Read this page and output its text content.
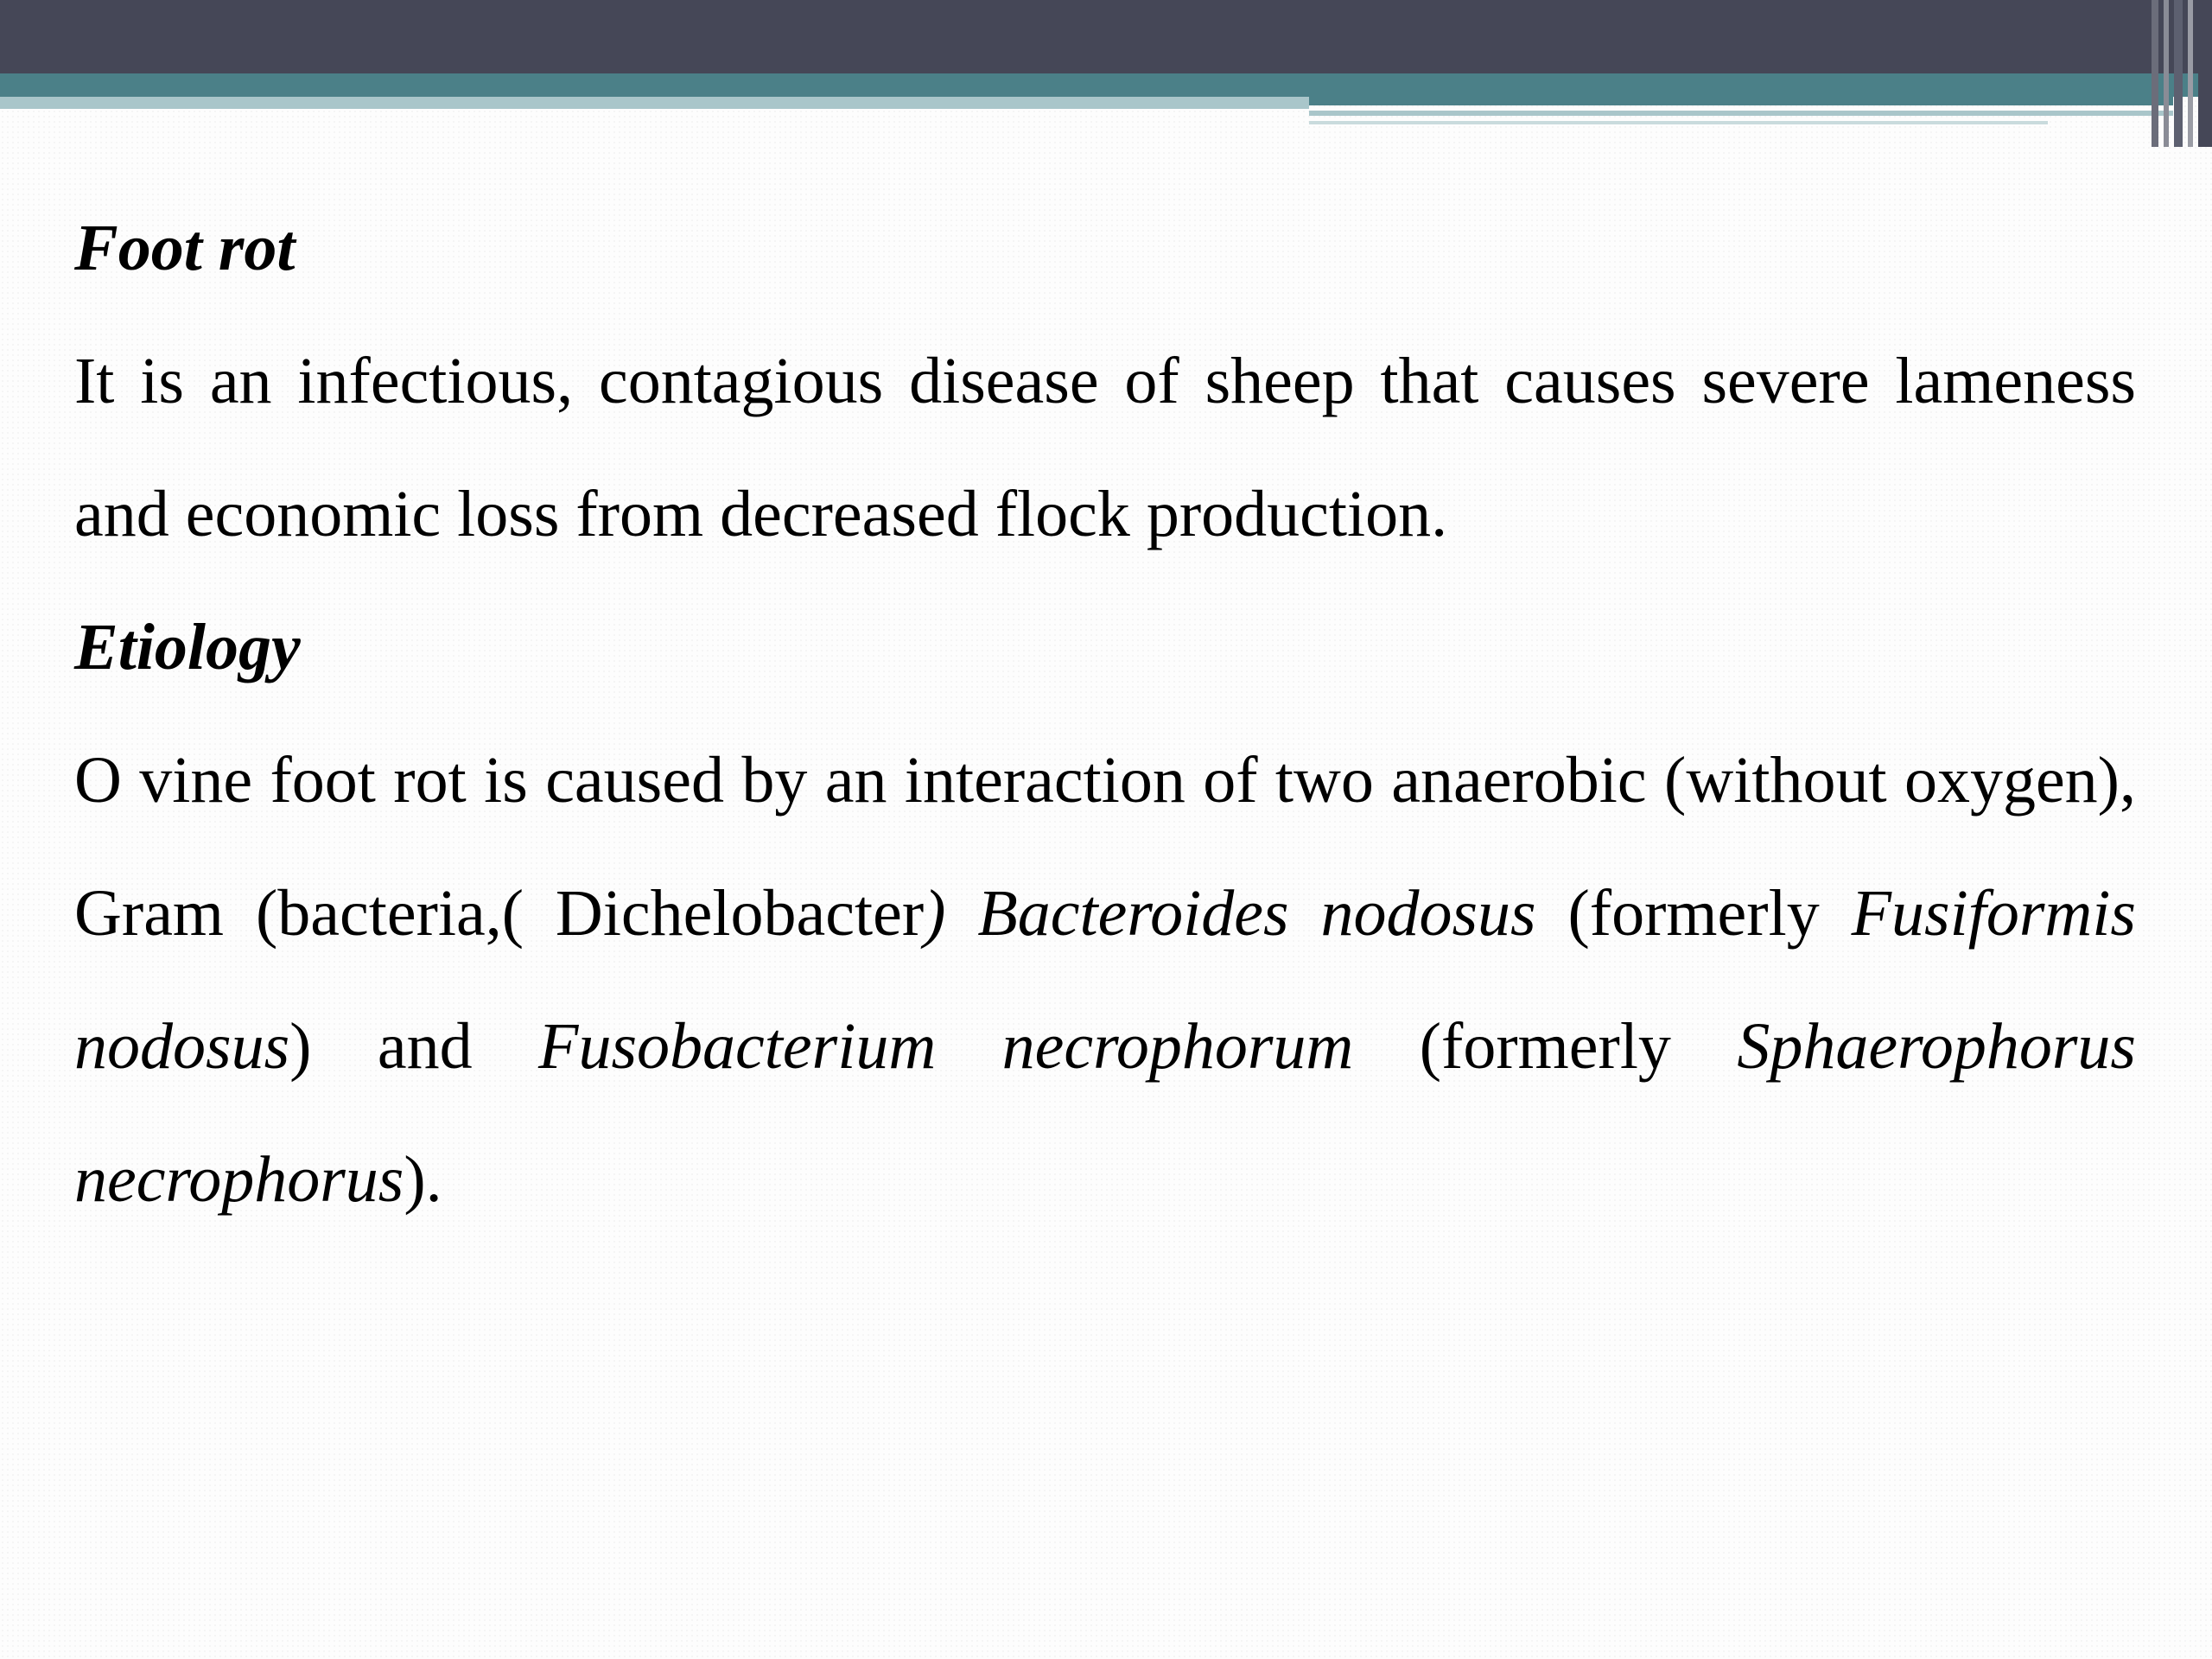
Foot rot

It is an infectious, contagious disease of sheep that causes severe lameness and economic loss from decreased flock production.

Etiology

O vine foot rot is caused by an interaction of two anaerobic (without oxygen), Gram (bacteria,( Dichelobacter) Bacteroides nodosus (formerly Fusiformis nodosus) and Fusobacterium necrophorum (formerly Sphaerophorus necrophorus).
